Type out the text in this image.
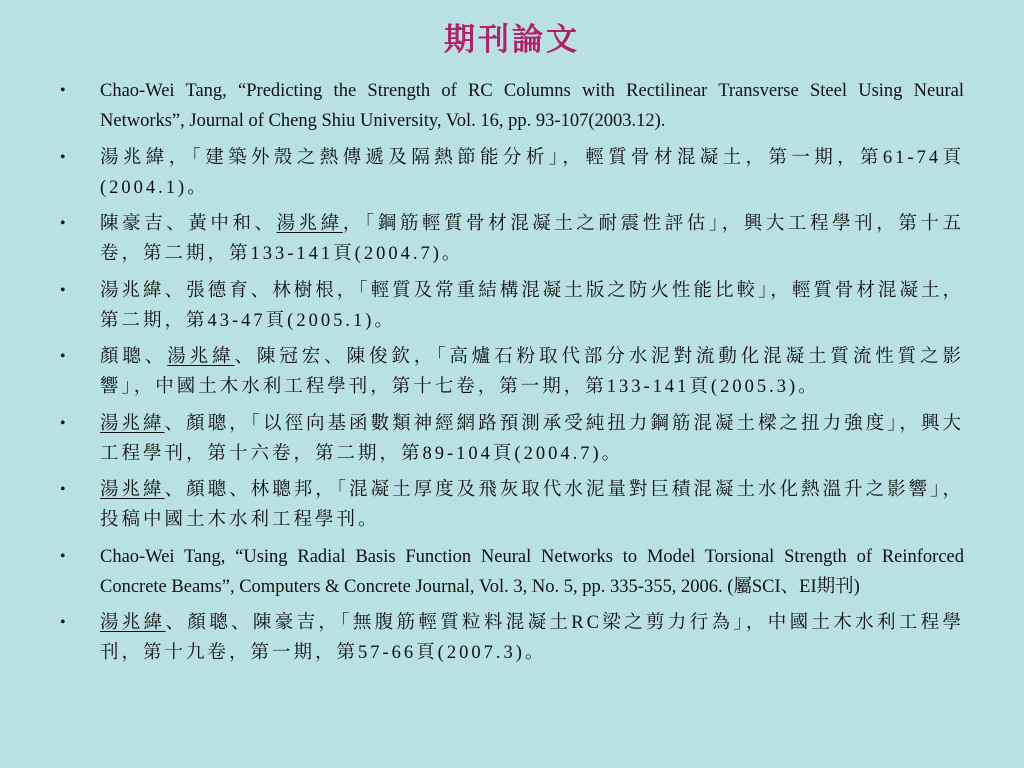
期刊論文
•	Chao-Wei Tang, “Predicting the Strength of RC Columns with Rectilinear Transverse Steel Using Neural Networks”, Journal of Cheng Shiu University, Vol. 16, pp. 93-107(2003.12).
•	湯兆緯，「建築外殼之熱傳遞及隔熱節能分析」，輕質骨材混凝土，第一期，第61-74頁(2004.1)。
•	陳豪吉、黃中和、湯兆緯，「鋼筋輕質骨材混凝土之耐震性評估」，興大工程學刊，第十五卷，第二期，第133-141頁(2004.7)。
•	湯兆緯、張德育、林樹根，「輕質及常重結構混凝土版之防火性能比較」，輕質骨材混凝土，第二期，第43-47頁(2005.1)。
•	顏聰、湯兆緯、陳冠宏、陳俊欽，「高爐石粉取代部分水泥對流動化混凝土質流性質之影響」，中國土木水利工程學刊，第十七卷，第一期，第133-141頁(2005.3)。
•	湯兆緯、顏聰，「以徑向基函數類神經網路預測承受純扭力鋼筋混凝土樑之扭力強度」，興大工程學刊，第十六卷，第二期，第89-104頁(2004.7)。
•	湯兆緯、顏聰、林聰邦，「混凝土厚度及飛灰取代水泥量對巨積混凝土水化熱溫升之影響」，投稿中國土木水利工程學刊。
•	Chao-Wei Tang, “Using Radial Basis Function Neural Networks to Model Torsional Strength of Reinforced Concrete Beams”, Computers & Concrete Journal, Vol. 3, No. 5, pp. 335-355, 2006. (屬SCI、EI期刊)
•	湯兆緯、顏聰、陳豪吉，「無腹筋輕質粒料混凝土RC梁之剪力行為」，中國土木水利工程學刊，第十九卷，第一期，第57-66頁(2007.3)。
